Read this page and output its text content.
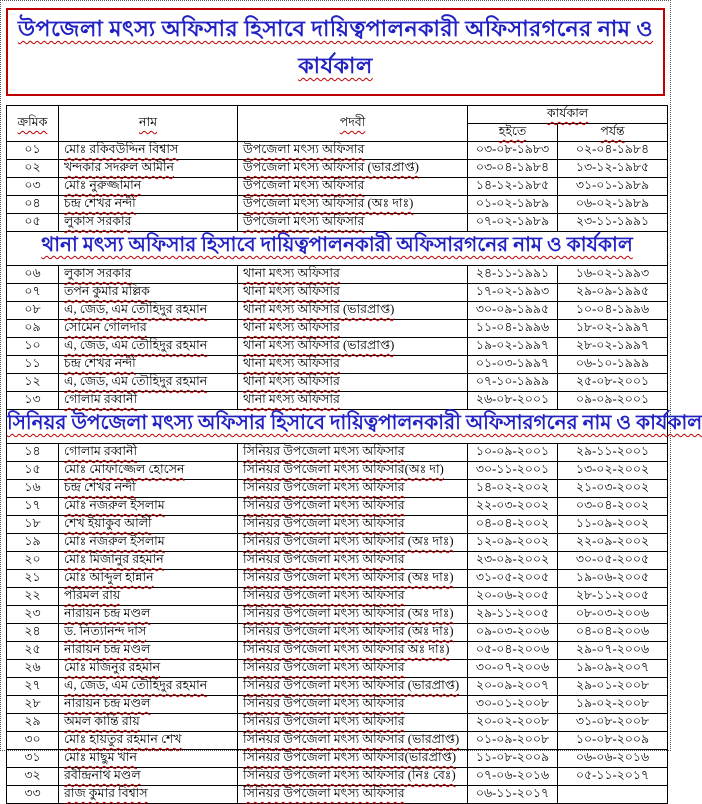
উপজেলা মৎস্য অফিসার হিসাবে দায়িত্বপালনকারী অফিসারগনের নাম ও কার্যকাল
ক্রমিক	নাম	পদবী	কার্যকাল	
			হইতে	পর্যন্ত
০১	মোঃ রকিবউদ্দিন বিশ্বাস	উপজেলা মৎস্য অফিসার	০৩-০৮-১৯৮৩	০২-০৪-১৯৮৪
০২	খন্দকার সদরুল আমীন	উপজেলা মৎস্য অফিসার (ভারপ্রাপ্ত)	০৩-০৪-১৯৮৪	১৩-১২-১৯৮৫
০৩	মোঃ নুরুজ্জামান	উপজেলা মৎস্য অফিসার	১৪-১২-১৯৮৫	৩১-০১-১৯৮৯
০৪	চন্দ্র শেখর নন্দী	উপজেলা মৎস্য অফিসার (অঃ দাঃ)	০১-০২-১৯৮৯	০৬-০২-১৯৮৯
০৫	লুকাস সরকার	উপজেলা মৎস্য অফিসার	০৭-০২-১৯৮৯	২৩-১১-১৯৯১
থানা মৎস্য অফিসার হিসাবে দায়িত্বপালনকারী অফিসারগনের নাম ও কার্যকাল				
০৬	লুকাস সরকার	থানা মৎস্য অফিসার	২৪-১১-১৯৯১	১৬-০২-১৯৯৩
০৭	তপন কুমার মল্লিক	থানা মৎস্য অফিসার	১৭-০২-১৯৯৩	২৯-০৯-১৯৯৫
০৮	এ, জেড, এম তৌহিদুর রহমান	থানা মৎস্য অফিসার (ভারপ্রাপ্ত)	৩০-০৯-১৯৯৫	১০-০৪-১৯৯৬
০৯	সোমেন গোলদার	থানা মৎস্য অফিসার	১১-০৪-১৯৯৬	১৮-০২-১৯৯৭
১০	এ, জেড, এম তৌহিদুর রহমান	থানা মৎস্য অফিসার (ভারপ্রাপ্ত)	১৯-০২-১৯৯৭	২৮-০২-১৯৯৭
১১	চন্দ্র শেখর নন্দী	থানা মৎস্য অফিসার	০১-০৩-১৯৯৭	০৬-১০-১৯৯৯
১২	এ, জেড, এম তৌহিদুর রহমান	থানা মৎস্য অফিসার	০৭-১০-১৯৯৯	২৫-০৮-২০০১
১৩	গোলাম রব্বানী	থানা মৎস্য অফিসার	২৬-০৮-২০০১	০৯-০৯-২০০১
সিনিয়র উপজেলা মৎস্য অফিসার হিসাবে দায়িত্বপালনকারী অফিসারগনের নাম ও কার্যকাল				
১৪	গোলাম রব্বানী	সিনিয়র উপজেলা মৎস্য অফিসার	১০-০৯-২০০১	২৯-১১-২০০১
১৫	মোঃ মোফাজ্জেল হোসেন	সিনিয়র উপজেলা মৎস্য অফিসার(অঃ দা)	৩০-১১-২০০১	১৩-০২-২০০২
১৬	চন্দ্র শেখর নন্দী	সিনিয়র উপজেলা মৎস্য অফিসার	১৪-০২-২০০২	২১-০৩-২০০২
১৭	মোঃ নজরুল ইসলাম	সিনিয়র উপজেলা মৎস্য অফিসার	২২-০৩-২০০২	০৩-০৪-২০০২
১৮	শেখ ইয়াকুব আলী	সিনিয়র উপজেলা মৎস্য অফিসার	০৪-০৪-২০০২	১১-০৯-২০০২
১৯	মোঃ নজরুল ইসলাম	সিনিয়র উপজেলা মৎস্য অফিসার (অঃ দাঃ)	১২-০৯-২০০২	২২-০৯-২০০২
২০	মোঃ মিজানুর রহমান	সিনিয়র উপজেলা মৎস্য অফিসার	২৩-০৯-২০০২	৩০-০৫-২০০৫
২১	মোঃ আব্দুল হান্নান	সিনিয়র উপজেলা মৎস্য অফিসার (অঃ দাঃ)	৩১-০৫-২০০৫	১৯-০৬-২০০৫
২২	পরিমল রায়	সিনিয়র উপজেলা মৎস্য অফিসার	২০-০৬-২০০৫	২৮-১১-২০০৫
২৩	নারায়ন চন্দ্র মণ্ডল	সিনিয়র উপজেলা মৎস্য অফিসার (অঃ দাঃ)	২৯-১১-২০০৫	০৮-০৩-২০০৬
২৪	ড. নিত্যানন্দ দাস	সিনিয়র উপজেলা মৎস্য অফিসার (অঃ দাঃ)	০৯-০৩-২০০৬	০৪-০৪-২০০৬
২৫	নারায়ন চন্দ্র মণ্ডল	সিনিয়র উপজেলা মৎস্য অফিসার অঃ দাঃ)	০৫-০৪-২০০৬	২৯-০৭-২০০৬
২৬	মোঃ মজিনুর রহমান	সিনিয়র উপজেলা মৎস্য অফিসার	৩০-০৭-২০০৬	১৯-০৯-২০০৭
২৭	এ, জেড, এম তৌহিদুর রহমান	সিনিয়র উপজেলা মৎস্য অফিসার (ভারপ্রাপ্ত)	২০-০৯-২০০৭	২৯-০১-২০০৮
২৮	নারায়ন চন্দ্র মণ্ডল	সিনিয়র উপজেলা মৎস্য অফিসার	৩০-০১-২০০৮	১৯-০২-২০০৮
২৯	অমল কান্তি রায়	সিনিয়র উপজেলা মৎস্য অফিসার	২০-০২-২০০৮	৩১-০৮-২০০৮
৩০	মোঃ হায়তুর রহমান শেখ	সিনিয়র উপজেলা মৎস্য অফিসার (ভারপ্রাপ্ত)	০১-০৯-২০০৮	১০-০৮-২০০৯
৩১	মোঃ মাছুম খান	সিনিয়র উপজেলা মৎস্য অফিসার(ভারপ্রাপ্ত)	১১-০৮-২০০৯	০৬-০৬-২০১৬
৩২	রবীন্দ্রনাথ মণ্ডল	সিনিয়র উপজেলা মৎস্য অফিসার (নিঃ বেঃ)	০৭-০৬-২০১৬	০৫-১১-২০১৭
৩৩	রাজ কুমার বিশ্বাস	সিনিয়র উপজেলা মৎস্য অফিসার	০৬-১১-২০১৭	
